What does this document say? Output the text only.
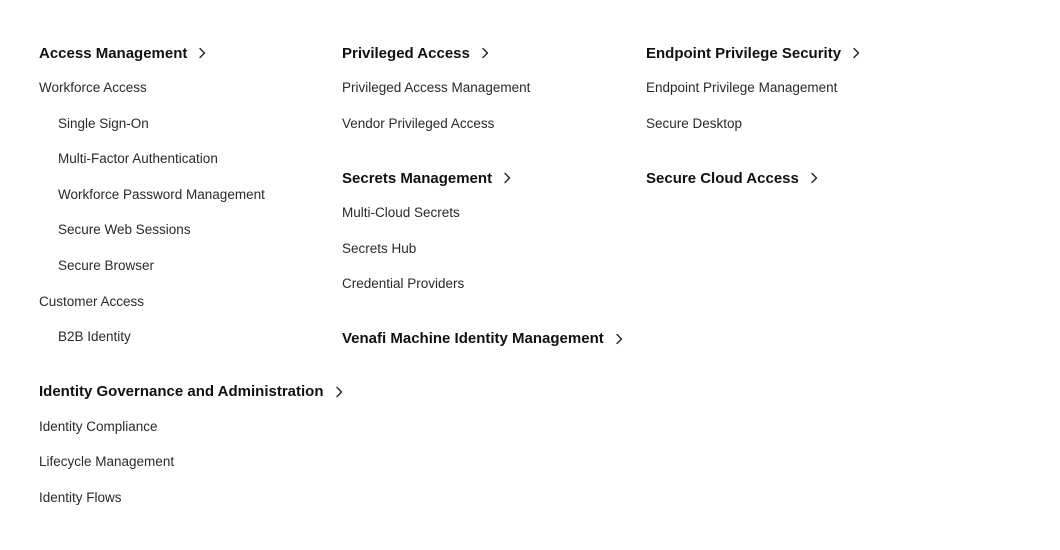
Access Management
Workforce Access
Single Sign-On
Multi-Factor Authentication
Workforce Password Management
Secure Web Sessions
Secure Browser
Customer Access
B2B Identity
Identity Governance and Administration
Identity Compliance
Lifecycle Management
Identity Flows
Privileged Access
Privileged Access Management
Vendor Privileged Access
Secrets Management
Multi-Cloud Secrets
Secrets Hub
Credential Providers
Venafi Machine Identity Management
Endpoint Privilege Security
Endpoint Privilege Management
Secure Desktop
Secure Cloud Access
